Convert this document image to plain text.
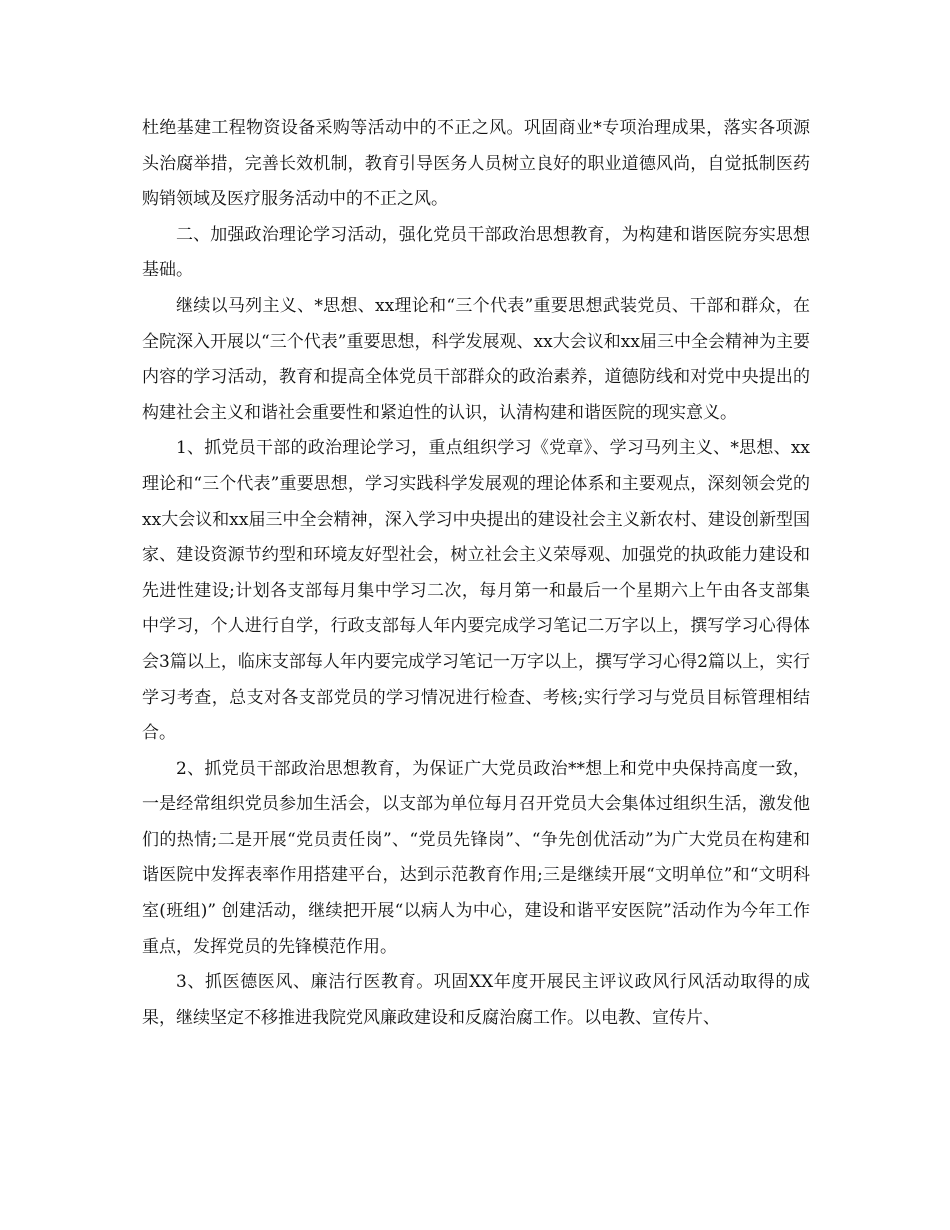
杜绝基建工程物资设备采购等活动中的不正之风。巩固商业*专项治理成果，落实各项源头治腐举措，完善长效机制，教育引导医务人员树立良好的职业道德风尚，自觉抵制医药购销领域及医疗服务活动中的不正之风。

二、加强政治理论学习活动，强化党员干部政治思想教育，为构建和谐医院夯实思想基础。

继续以马列主义、*思想、xx理论和“三个代表”重要思想武装党员、干部和群众，在全院深入开展以“三个代表”重要思想，科学发展观、xx大会议和xx届三中全会精神为主要内容的学习活动，教育和提高全体党员干部群众的政治素养，道德防线和对党中央提出的构建社会主义和谐社会重要性和紧迫性的认识，认清构建和谐医院的现实意义。

1、抓党员干部的政治理论学习，重点组织学习《党章》、学习马列主义、*思想、xx理论和“三个代表”重要思想，学习实践科学发展观的理论体系和主要观点，深刻领会党的xx大会议和xx届三中全会精神，深入学习中央提出的建设社会主义新农村、建设创新型国家、建设资源节约型和环境友好型社会，树立社会主义荣辱观、加强党的执政能力建设和先进性建设;计划各支部每月集中学习二次，每月第一和最后一个星期六上午由各支部集中学习，个人进行自学，行政支部每人年内要完成学习笔记二万字以上，撰写学习心得体会3篇以上，临床支部每人年内要完成学习笔记一万字以上，撰写学习心得2篇以上，实行学习考查，总支对各支部党员的学习情况进行检查、考核;实行学习与党员目标管理相结合。

2、抓党员干部政治思想教育，为保证广大党员政治**想上和党中央保持高度一致，一是经常组织党员参加生活会，以支部为单位每月召开党员大会集体过组织生活，激发他们的热情;二是开展“党员责任岗”、“党员先锋岗”、“争先创优活动”为广大党员在构建和谐医院中发挥表率作用搭建平台，达到示范教育作用;三是继续开展“文明单位”和“文明科室(班组)” 创建活动，继续把开展“以病人为中心，建设和谐平安医院”活动作为今年工作重点，发挥党员的先锋模范作用。

3、抓医德医风、廉洁行医教育。巩固XX年度开展民主评议政风行风活动取得的成果，继续坚定不移推进我院党风廉政建设和反腐治腐工作。以电教、宣传片、
